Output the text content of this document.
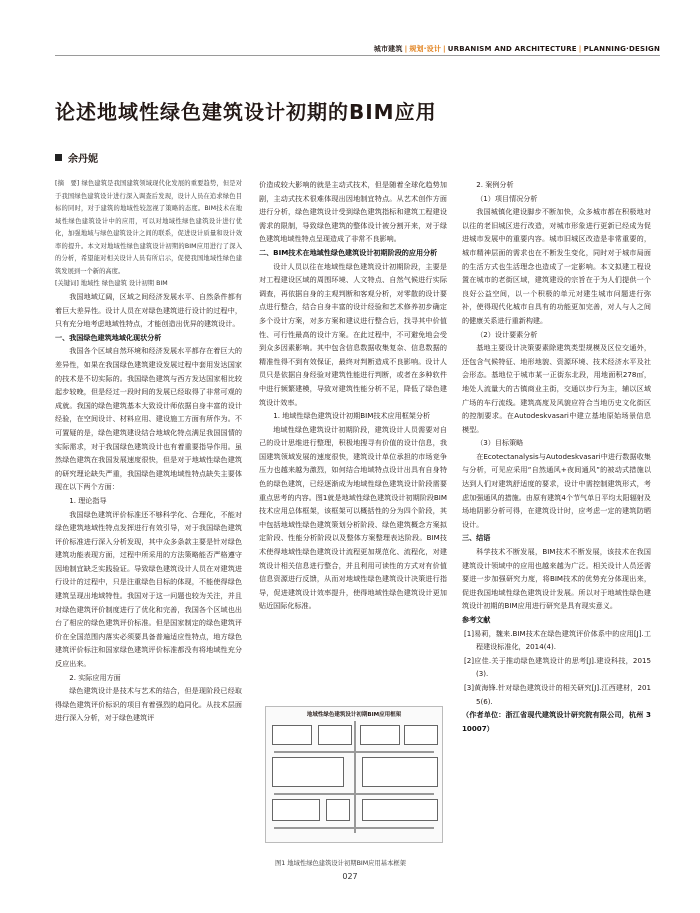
城市建筑 | 规划·设计 | URBANISM AND ARCHITECTURE | PLANNING·DESIGN
论述地域性绿色建筑设计初期的BIM应用
余丹妮

[摘　要] 绿色建筑是我国建筑领域现代化发展的重要趋势，但是对于我国绿色建筑设计进行深入调查后发现，设计人员在追求绿色目标的同时，对于建筑的地域性较忽视了策略的态度。BIM技术在地域性绿色建筑设计中的应用，可以对地域性绿色建筑设计进行优化，加强地域与绿色建筑设计之间的联系，促进设计质量和设计效率的提升。本文对地域性绿色建筑设计初期的BIM应用进行了深入的分析，希望能对相关设计人员有所启示，促使我国地域性绿色建筑发展到一个新的高度。

[关键词] 地域性 绿色建筑 设计初期 BIM

我国地域辽阔，区域之间经济发展水平、自然条件都有着巨大差异性。设计人员在对绿色建筑进行设计的过程中，只有充分地考虑地域性特点，才能创造出优异的建筑设计。

一、我国绿色建筑地域化现状分析

我国各个区域自然环境和经济发展水平都存在着巨大的差异性，如果在我国绿色建筑建设发展过程中套用发达国家的技术是不切实际的。我国绿色建筑与西方发达国家相比较起步较晚，但是经过一段时间的发展已经取得了非常可观的成就。我国的绿色建筑基本大致设计师依据自身丰富的设计经验，在空间设计、材料应用、建设施工方面有所作为。不可置疑的是，绿色建筑建设结合地域化特点满足我国国情的实际需求，对于我国绿色建筑设计也有着重要指导作用。虽然绿色建筑在我国发展速度很快，但是对于地域性绿色建筑的研究理论缺失严重，我国绿色建筑地域性特点缺失主要体现在以下两个方面：

1. 理论指导

我国绿色建筑评价标准还不够科学化、合理化，不能对绿色建筑地域性特点发挥进行有效引导，对于我国绿色建筑评价标准进行深入分析发现，其中众多条款主要是针对绿色建筑功能表现方面，过程中所采用的方法策略能否严格遵守因地制宜缺乏实践验证。导致绿色建筑设计人员在对建筑进行设计的过程中，只是注重绿色目标的体现，不能使得绿色建筑呈现出地域特性。我国对于这一问题也较为关注，并且对绿色建筑评价制度进行了优化和完善，我国各个区域也出台了相应的绿色建筑评价标准。但是国家制定的绿色建筑评价在全国范围内落实必须要具备普遍适应性特点，地方绿色建筑评价标注和国家绿色建筑评价标准都没有将地域性充分反应出来。

2. 实际应用方面

绿色建筑设计是技术与艺术的结合，但是现阶段已经取得绿色建筑评价标识的项目有着强烈的趋同化。从技术层面进行深入分析，对于绿色建筑评

价造成较大影响的就是主动式技术，但是随着全球化趋势加剧，主动式技术很难体现出因地制宜特点。从艺术创作方面进行分析，绿色建筑设计受到绿色建筑指标和建筑工程建设需求的限制，导致绿色建筑的整体设计被分割开来，对于绿色建筑地域性特点呈现造成了非常不良影响。

二、BIM技术在地域性绿色建筑设计初期阶段的应用分析

设计人员以往在地域性绿色建筑设计初期阶段，主要是对工程建设区域的周围环境、人文特点、自然气候进行实际调查，再依据自身的主观判断和客观分析，对零散的设计要点进行整合，结合自身丰富的设计经验和艺术修养初步确定多个设计方案，对多方案和建议进行整合后，找寻其中价值性、可行性最高的设计方案。在此过程中，不可避免地会受到众多因素影响。其中包含信息数据收集复杂、信息数据的精准性得不到有效保证，最终对判断造成不良影响。设计人员只是依据自身经验对建筑性能进行判断，或者在多种软件中进行频繁建模，导致对建筑性能分析不足，降低了绿色建筑设计效率。

1. 地域性绿色建筑设计初期BIM技术应用框架分析

地域性绿色建筑设计初期阶段，建筑设计人员需要对自己的设计思维进行整理，积极地搜寻有价值的设计信息，我国建筑领域发展的速度很快，建筑设计单位承担的市场竞争压力也越来越为激烈，如何结合地域特点设计出具有自身特色的绿色建筑，已经逐渐成为地域性绿色建筑设计阶段需要重点思考的内容。图1就是地域性绿色建筑设计初期阶段BIM技术应用总体框架，该框架可以概括性的分为四个阶段，其中包括地域性绿色建筑策划分析阶段、绿色建筑概念方案拟定阶段、性能分析阶段以及整体方案整理表达阶段。BIM技术使得地域性绿色建筑设计流程更加规范化、流程化，对建筑设计相关信息进行整合，并且利用可读性的方式对有价值信息资源进行反馈，从而对地域性绿色建筑设计决策进行指导，促进建筑设计效率提升，使得地域性绿色建筑设计更加贴近国际化标准。

地域性绿色建筑设计初期BIM应用框架
图1 地域性绿色建筑设计初期BIM应用基本框架

2. 案例分析

（1）项目情况分析

我国城镇化建设脚步不断加快，众多城市都在积极地对以往的老旧城区进行改造，对城市形象进行更新已经成为促进城市发展中的重要内容。城市旧城区改造是非常重要的，城市精神层面的需求也在不断发生变化，同时对于城市局面的生活方式也生活理念也造成了一定影响。本文拟建工程设置在城市的老街区域，建筑建设的宗旨在于为人们提供一个良好公益空间，以一个积极的单元对建生城市问题进行弥补，使得现代化城市自具有的功能更加完善，对人与人之间的健康关系进行重新构建。

（2）设计要素分析

基地主要设计决策要素除建筑类型规模及区位交通外，还包含气候特征、地形地貌、资源环境、技术经济水平及社会形态。基地位于城市某一正街东北段，用地面积278㎡，地处人流量大的古镇商业主街，交通以步行为主，辅以区域广场的车行流线。建筑高度及风貌应符合当地历史文化街区的控制要求。在Autodeskvasari中建立基地原始场景信息模型。

（3）目标策略

在Ecotectanalysis与Autodeskvasari中进行数据收集与分析，可见应采用“自然通风+夜间通风”的被动式措施以达到人们对建筑舒适度的要求，设计中需控制建筑形式，考虑加强通风的措施。由原有建筑4个节气单日平均太阳辐射及场地阴影分析可得，在建筑设计时，应考虑一定的建筑防晒设计。

三、结语

科学技术不断发展，BIM技术不断发展，该技术在我国建筑设计领域中的应用也越来越为广泛。相关设计人员还需要进一步加强研究力度，将BIM技术的优势充分体现出来，促进我国地域性绿色建筑设计发展。所以对于地域性绿色建筑设计初期的BIM应用进行研究是具有现实意义。

参考文献

[1]易莉，魏来.BIM技术在绿色建筑评价体系中的应用[J].工程建设标准化，2014(4).

[2]应佳.关于推动绿色建筑设计的思考[J].建设科技，2015(3).

[3]黄海锋.针对绿色建筑设计的相关研究[J].江西建材，2015(6).

（作者单位：浙江省现代建筑设计研究院有限公司，杭州 310007）

027
